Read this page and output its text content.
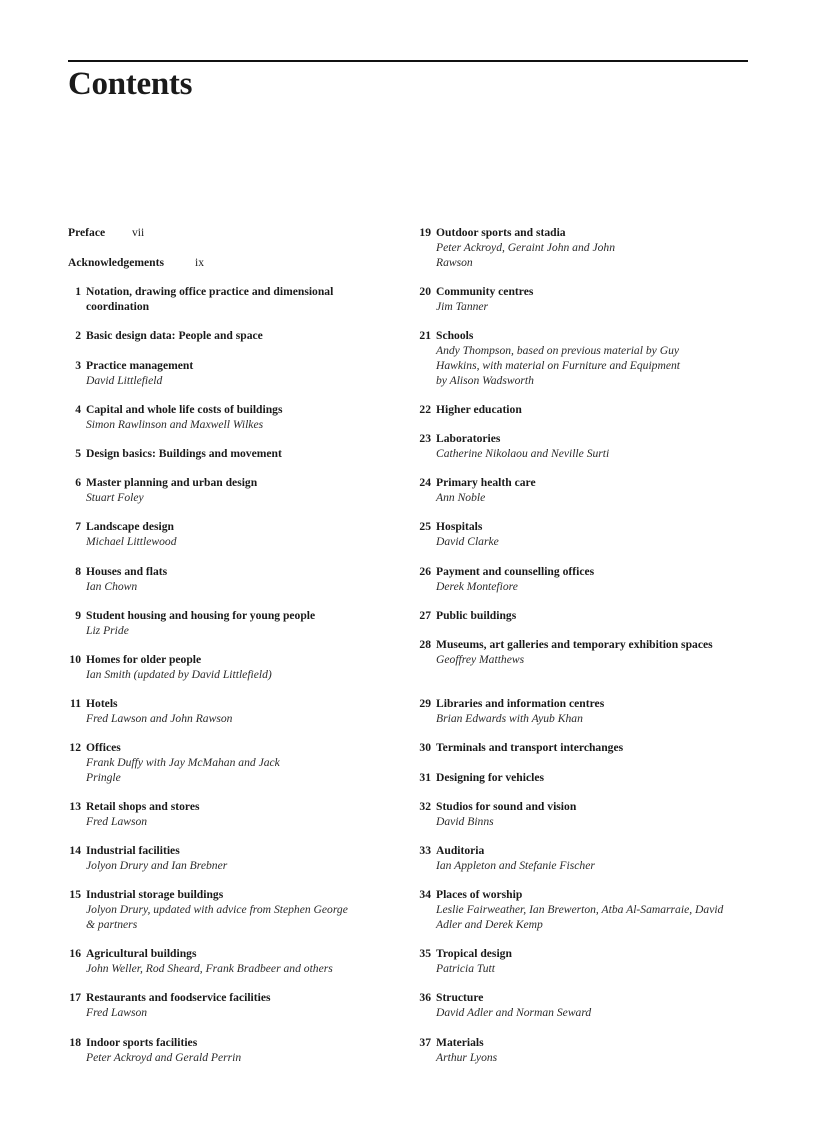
Contents
Preface vii
Acknowledgements	ix
1 Notation, drawing office practice and dimensional coordination
2 Basic design data: People and space
3 Practice management
David Littlefield
4 Capital and whole life costs of buildings
Simon Rawlinson and Maxwell Wilkes
5 Design basics: Buildings and movement
6 Master planning and urban design
Stuart Foley
7 Landscape design
Michael Littlewood
8 Houses and flats
Ian Chown
9 Student housing and housing for young people
Liz Pride
10 Homes for older people
Ian Smith (updated by David Littlefield)
11 Hotels
Fred Lawson and John Rawson
12 Offices
Frank Duffy with Jay McMahan and Jack Pringle
13 Retail shops and stores
Fred Lawson
14 Industrial facilities
Jolyon Drury and Ian Brebner
15 Industrial storage buildings
Jolyon Drury, updated with advice from Stephen George & partners
16 Agricultural buildings
John Weller, Rod Sheard, Frank Bradbeer and others
17 Restaurants and foodservice facilities
Fred Lawson
18 Indoor sports facilities
Peter Ackroyd and Gerald Perrin
19 Outdoor sports and stadia
Peter Ackroyd, Geraint John and John Rawson
20 Community centres
Jim Tanner
21 Schools
Andy Thompson, based on previous material by Guy Hawkins, with material on Furniture and Equipment by Alison Wadsworth
22 Higher education
23 Laboratories
Catherine Nikolaou and Neville Surti
24 Primary health care
Ann Noble
25 Hospitals
David Clarke
26 Payment and counselling offices
Derek Montefiore
27 Public buildings
28 Museums, art galleries and temporary exhibition spaces
Geoffrey Matthews
29 Libraries and information centres
Brian Edwards with Ayub Khan
30 Terminals and transport interchanges
31 Designing for vehicles
32 Studios for sound and vision
David Binns
33 Auditoria
Ian Appleton and Stefanie Fischer
34 Places of worship
Leslie Fairweather, Ian Brewerton, Atba Al-Samarraie, David Adler and Derek Kemp
35 Tropical design
Patricia Tutt
36 Structure
David Adler and Norman Seward
37 Materials
Arthur Lyons
